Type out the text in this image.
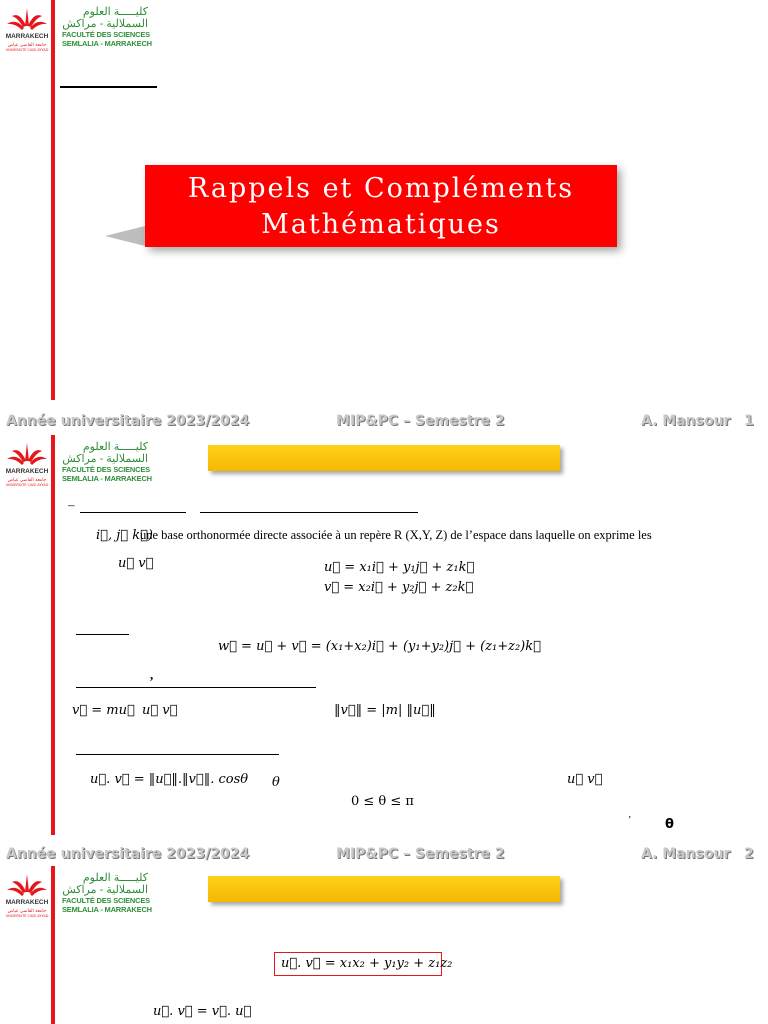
MARRAKECH
جامعة القاضي عياض
UNIVERSITÉ CADI AYYAD
كليـــــة العلوم
السملالية - مراكش
FACULTÉ DES SCIENCES
SEMLALIA - MARRAKECH
Rappels et Compléments
Mathématiques
Année universitaire 2023/2024	MIP&PC – Semestre 2	A. Mansour 1
MARRAKECH
جامعة القاضي عياض
UNIVERSITÉ CADI AYYAD
كليـــــة العلوم
السملالية - مراكش
FACULTÉ DES SCIENCES
SEMLALIA - MARRAKECH
–
i⃗, j⃗ k⃗)
une base orthonormée directe associée à un repère R (X,Y, Z) de l’espace dans laquelle on exprime les
u⃗ v⃗	u⃗ = x₁i⃗ + y₁j⃗ + z₁k⃗
v⃗ = x₂i⃗ + y₂j⃗ + z₂k⃗
w⃗ = u⃗ + v⃗ = (x₁+x₂)i⃗ + (y₁+y₂)j⃗ + (z₁+z₂)k⃗
,
v⃗ = mu⃗ u⃗ v⃗	‖v⃗‖ = |m| ‖u⃗‖
u⃗. v⃗ = ‖u⃗‖.‖v⃗‖. cosθ θ	u⃗ v⃗
0 ≤ θ ≤ π
’	θ
Année universitaire 2023/2024	MIP&PC – Semestre 2	A. Mansour 2
MARRAKECH
جامعة القاضي عياض
UNIVERSITÉ CADI AYYAD
كليـــــة العلوم
السملالية - مراكش
FACULTÉ DES SCIENCES
SEMLALIA - MARRAKECH
u⃗. v⃗ = x₁x₂ + y₁y₂ + z₁z₂
u⃗. v⃗ = v⃗. u⃗
